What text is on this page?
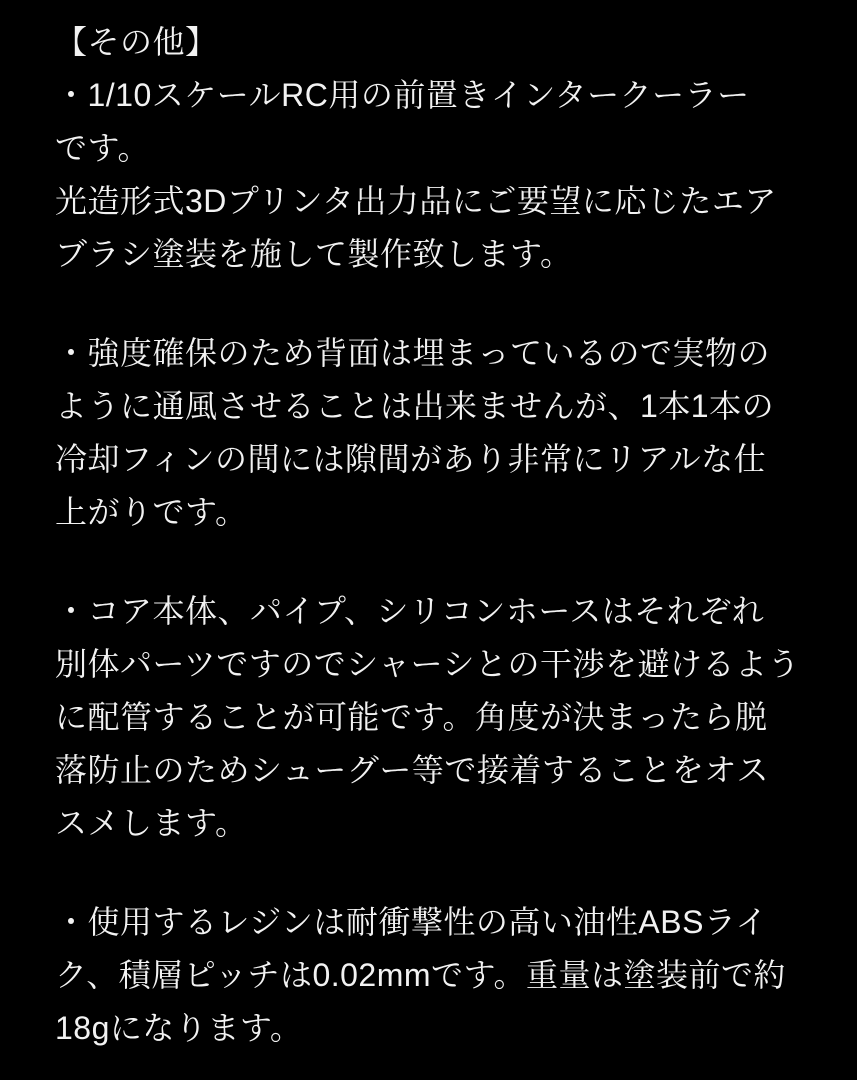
【その他】
・1/10スケールRC用の前置きインタークーラー
です。
光造形式3Dプリンタ出力品にご要望に応じたエア
ブラシ塗装を施して製作致します。
・強度確保のため背面は埋まっているので実物の
ように通風させることは出来ませんが、1本1本の
冷却フィンの間には隙間があり非常にリアルな仕
上がりです。
・コア本体、パイプ、シリコンホースはそれぞれ
別体パーツですのでシャーシとの干渉を避けるよう
に配管することが可能です。角度が決まったら脱
落防止のためシューグー等で接着することをオス
スメします。
・使用するレジンは耐衝撃性の高い油性ABSライ
ク、積層ピッチは0.02mmです。重量は塗装前で約
18gになります。
